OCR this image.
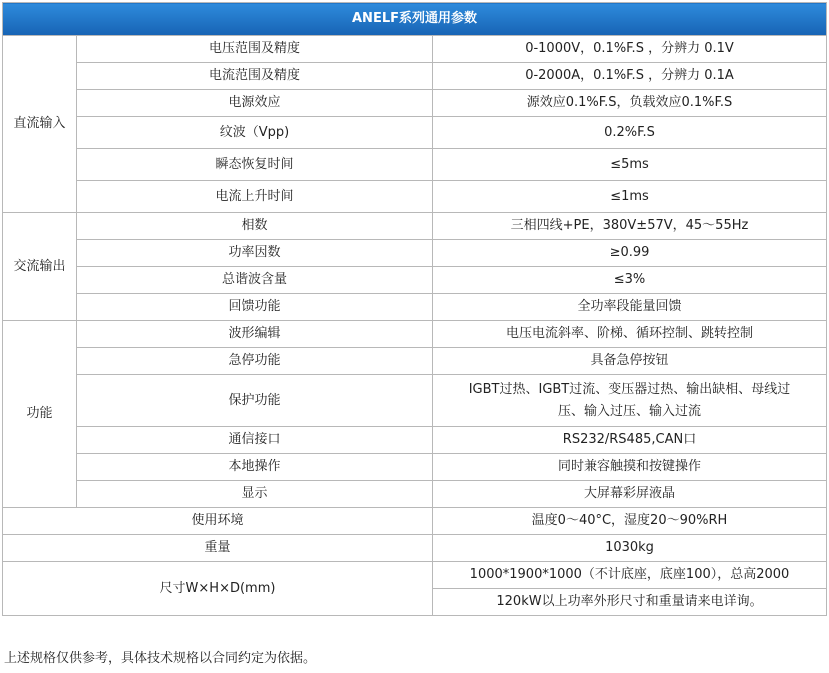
ANELF系列通用参数		
直流输入	电压范围及精度	0-1000V，0.1%F.S ，分辨力 0.1V
	电流范围及精度	0-2000A，0.1%F.S ，分辨力 0.1A
	电源效应	源效应0.1%F.S，负载效应0.1%F.S
	纹波（Vpp)	0.2%F.S
	瞬态恢复时间	≤5ms
	电流上升时间	≤1ms
交流输出	相数	三相四线+PE，380V±57V，45～55Hz
	功率因数	≥0.99
	总谐波含量	≤3%
	回馈功能	全功率段能量回馈
功能	波形编辑	电压电流斜率、阶梯、循环控制、跳转控制
	急停功能	具备急停按钮
	保护功能	IGBT过热、IGBT过流、变压器过热、输出缺相、母线过
压、输入过压、输入过流

	通信接口	RS232/RS485,CAN口
	本地操作	同时兼容触摸和按键操作
	显示	大屏幕彩屏液晶
使用环境		温度0～40°C，湿度20～90%RH
重量		1030kg
尺寸W×H×D(mm)		1000*1900*1000（不计底座，底座100），总高2000
		120kW以上功率外形尺寸和重量请来电详询。
上述规格仅供参考，具体技术规格以合同约定为依据。
